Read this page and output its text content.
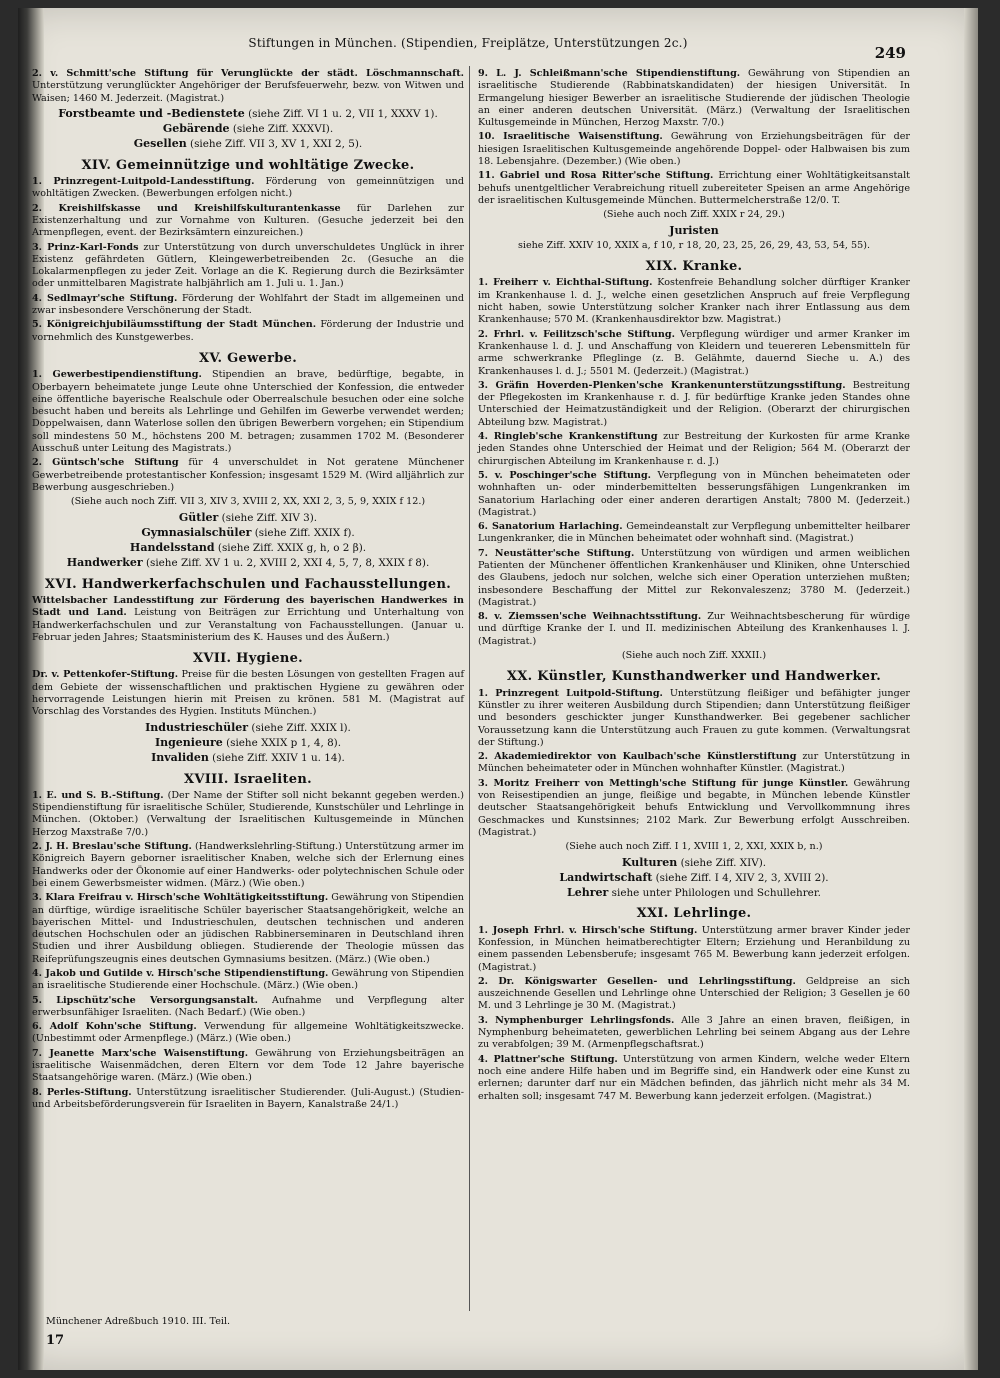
Stiftungen in München. (Stipendien, Freiplätze, Unterstützungen 2c.)
249
2. v. Schmitt'sche Stiftung für Verunglückte der städt. Löschmannschaft. Unterstützung verunglückter Angehöriger der Berufsfeuerwehr, bezw. von Witwen und Waisen; 1460 M. Jederzeit. (Magistrat.)
Forstbeamte und -Bedienstete (siehe Ziff. VI 1 u. 2, VII 1, XXXV 1).
Gebärende (siehe Ziff. XXXVI).
Gesellen (siehe Ziff. VII 3, XV 1, XXI 2, 5).
XIV. Gemeinnützige und wohltätige Zwecke.
1. Prinzregent-Luitpold-Landesstiftung. Förderung von gemeinnützigen und wohltätigen Zwecken. (Bewerbungen erfolgen nicht.)
2. Kreishilfskasse und Kreishilfskulturantenkasse für Darlehen zur Existenzerhaltung und zur Vornahme von Kulturen. (Gesuche jederzeit bei den Armenpflegen, event. der Bezirksämtern einzureichen.)
3. Prinz-Karl-Fonds zur Unterstützung von durch unverschuldetes Unglück in ihrer Existenz gefährdeten Gütlern, Kleingewerbetreibenden 2c. (Gesuche an die Lokalarmenpflegen zu jeder Zeit. Vorlage an die K. Regierung durch die Bezirksämter oder unmittelbaren Magistrate halbjährlich am 1. Juli u. 1. Jan.)
4. Sedlmayr'sche Stiftung. Förderung der Wohlfahrt der Stadt im allgemeinen und zwar insbesondere Verschönerung der Stadt.
5. Königreichjubiläumsstiftung der Stadt München. Förderung der Industrie und vornehmlich des Kunstgewerbes.
XV. Gewerbe.
1. Gewerbestipendienstiftung. Stipendien an brave, bedürftige, begabte, in Oberbayern beheimatete junge Leute ohne Unterschied der Konfession, die entweder eine öffentliche bayerische Realschule oder Oberrealschule besuchen oder eine solche besucht haben und bereits als Lehrlinge und Gehilfen im Gewerbe verwendet werden; Doppelwaisen, dann Waterlose sollen den übrigen Bewerbern vorgehen; ein Stipendium soll mindestens 50 M., höchstens 200 M. betragen; zusammen 1702 M. (Besonderer Ausschuß unter Leitung des Magistrats.)
2. Güntsch'sche Stiftung für 4 unverschuldet in Not geratene Münchener Gewerbetreibende protestantischer Konfession; insgesamt 1529 M. (Wird alljährlich zur Bewerbung ausgeschrieben.)
(Siehe auch noch Ziff. VII 3, XIV 3, XVIII 2, XX, XXI 2, 3, 5, 9, XXIX f 12.)
Gütler (siehe Ziff. XIV 3).
Gymnasialschüler (siehe Ziff. XXIX f).
Handelsstand (siehe Ziff. XXIX g, h, o 2 β).
Handwerker (siehe Ziff. XV 1 u. 2, XVIII 2, XXI 4, 5, 7, 8, XXIX f 8).
XVI. Handwerkerfachschulen und Fachausstellungen.
Wittelsbacher Landesstiftung zur Förderung des bayerischen Handwerkes in Stadt und Land. Leistung von Beiträgen zur Errichtung und Unterhaltung von Handwerkerfachschulen und zur Veranstaltung von Fachausstellungen. (Januar u. Februar jeden Jahres; Staatsministerium des K. Hauses und des Äußern.)
XVII. Hygiene.
Dr. v. Pettenkofer-Stiftung. Preise für die besten Lösungen von gestellten Fragen auf dem Gebiete der wissenschaftlichen und praktischen Hygiene zu gewähren oder hervorragende Leistungen hierin mit Preisen zu krönen. 581 M. (Magistrat auf Vorschlag des Vorstandes des Hygien. Instituts München.)
Industrieschüler (siehe Ziff. XXIX l).
Ingenieure (siehe XXIX p 1, 4, 8).
Invaliden (siehe Ziff. XXIV 1 u. 14).
XVIII. Israeliten.
1. E. und S. B.-Stiftung. (Der Name der Stifter soll nicht bekannt gegeben werden.) Stipendienstiftung für israelitische Schüler, Studierende, Kunstschüler und Lehrlinge in München. (Oktober.) (Verwaltung der Israelitischen Kultusgemeinde in München Herzog Maxstraße 7/0.)
2. J. H. Breslau'sche Stiftung. (Handwerkslehrling-Stiftung.) Unterstützung armer im Königreich Bayern geborner israelitischer Knaben, welche sich der Erlernung eines Handwerks oder der Ökonomie auf einer Handwerks- oder polytechnischen Schule oder bei einem Gewerbsmeister widmen. (März.) (Wie oben.)
3. Klara Freifrau v. Hirsch'sche Wohltätigkeitsstiftung. Gewährung von Stipendien an dürftige, würdige israelitische Schüler bayerischer Staatsangehörigkeit, welche an bayerischen Mittel- und Industrieschulen, deutschen technischen und anderen deutschen Hochschulen oder an jüdischen Rabbinerseminaren in Deutschland ihren Studien und ihrer Ausbildung obliegen. Studierende der Theologie müssen das Reifeprüfungszeugnis eines deutschen Gymnasiums besitzen. (März.) (Wie oben.)
4. Jakob und Gutilde v. Hirsch'sche Stipendienstiftung. Gewährung von Stipendien an israelitische Studierende einer Hochschule. (März.) (Wie oben.)
5. Lipschütz'sche Versorgungsanstalt. Aufnahme und Verpflegung alter erwerbsunfähiger Israeliten. (Nach Bedarf.) (Wie oben.)
6. Adolf Kohn'sche Stiftung. Verwendung für allgemeine Wohltätigkeitszwecke. (Unbestimmt oder Armenpflege.) (März.) (Wie oben.)
7. Jeanette Marx'sche Waisenstiftung. Gewährung von Erziehungsbeiträgen an israelitische Waisenmädchen, deren Eltern vor dem Tode 12 Jahre bayerische Staatsangehörige waren. (März.) (Wie oben.)
8. Perles-Stiftung. Unterstützung israelitischer Studierender. (Juli-August.) (Studien- und Arbeitsbeförderungsverein für Israeliten in Bayern, Kanalstraße 24/1.)
9. L. J. Schleißmann'sche Stipendienstiftung. Gewährung von Stipendien an israelitische Studierende (Rabbinatskandidaten) der hiesigen Universität. In Ermangelung hiesiger Bewerber an israelitische Studierende der jüdischen Theologie an einer anderen deutschen Universität. (März.) (Verwaltung der Israelitischen Kultusgemeinde in München, Herzog Maxstr. 7/0.)
10. Israelitische Waisenstiftung. Gewährung von Erziehungsbeiträgen für der hiesigen Israelitischen Kultusgemeinde angehörende Doppel- oder Halbwaisen bis zum 18. Lebensjahre. (Dezember.) (Wie oben.)
11. Gabriel und Rosa Ritter'sche Stiftung. Errichtung einer Wohltätigkeitsanstalt behufs unentgeltlicher Verabreichung rituell zubereiteter Speisen an arme Angehörige der israelitischen Kultusgemeinde München. Buttermelcherstraße 12/0. T.
(Siehe auch noch Ziff. XXIX r 24, 29.)
Juristen
siehe Ziff. XXIV 10, XXIX a, f 10, r 18, 20, 23, 25, 26, 29, 43, 53, 54, 55).
XIX. Kranke.
1. Freiherr v. Eichthal-Stiftung. Kostenfreie Behandlung solcher dürftiger Kranker im Krankenhause l. d. J., welche einen gesetzlichen Anspruch auf freie Verpflegung nicht haben, sowie Unterstützung solcher Kranker nach ihrer Entlassung aus dem Krankenhause; 570 M. (Krankenhausdirektor bzw. Magistrat.)
2. Frhrl. v. Feilitzsch'sche Stiftung. Verpflegung würdiger und armer Kranker im Krankenhause l. d. J. und Anschaffung von Kleidern und teuereren Lebensmitteln für arme schwerkranke Pfleglinge (z. B. Gelähmte, dauernd Sieche u. A.) des Krankenhauses l. d. J.; 5501 M. (Jederzeit.) (Magistrat.)
3. Gräfin Hoverden-Plenken'sche Krankenunterstützungsstiftung. Bestreitung der Pflegekosten im Krankenhause r. d. J. für bedürftige Kranke jeden Standes ohne Unterschied der Heimatzuständigkeit und der Religion. (Oberarzt der chirurgischen Abteilung bzw. Magistrat.)
4. Ringleb'sche Krankenstiftung zur Bestreitung der Kurkosten für arme Kranke jeden Standes ohne Unterschied der Heimat und der Religion; 564 M. (Oberarzt der chirurgischen Abteilung im Krankenhause r. d. J.)
5. v. Poschinger'sche Stiftung. Verpflegung von in München beheimateten oder wohnhaften un- oder minderbemittelten besserungsfähigen Lungenkranken im Sanatorium Harlaching oder einer anderen derartigen Anstalt; 7800 M. (Jederzeit.) (Magistrat.)
6. Sanatorium Harlaching. Gemeindeanstalt zur Verpflegung unbemittelter heilbarer Lungenkranker, die in München beheimatet oder wohnhaft sind. (Magistrat.)
7. Neustätter'sche Stiftung. Unterstützung von würdigen und armen weiblichen Patienten der Münchener öffentlichen Krankenhäuser und Kliniken, ohne Unterschied des Glaubens, jedoch nur solchen, welche sich einer Operation unterziehen mußten; insbesondere Beschaffung der Mittel zur Rekonvaleszenz; 3780 M. (Jederzeit.) (Magistrat.)
8. v. Ziemssen'sche Weihnachtsstiftung. Zur Weihnachtsbescherung für würdige und dürftige Kranke der I. und II. medizinischen Abteilung des Krankenhauses l. J. (Magistrat.)
(Siehe auch noch Ziff. XXXII.)
XX. Künstler, Kunsthandwerker und Handwerker.
1. Prinzregent Luitpold-Stiftung. Unterstützung fleißiger und befähigter junger Künstler zu ihrer weiteren Ausbildung durch Stipendien; dann Unterstützung fleißiger und besonders geschickter junger Kunsthandwerker. Bei gegebener sachlicher Voraussetzung kann die Unterstützung auch Frauen zu gute kommen. (Verwaltungsrat der Stiftung.)
2. Akademiedirektor von Kaulbach'sche Künstlerstiftung zur Unterstützung in München beheimateter oder in München wohnhafter Künstler. (Magistrat.)
3. Moritz Freiherr von Mettingh'sche Stiftung für junge Künstler. Gewährung von Reisestipendien an junge, fleißige und begabte, in München lebende Künstler deutscher Staatsangehörigkeit behufs Entwicklung und Vervollkommnung ihres Geschmackes und Kunstsinnes; 2102 Mark. Zur Bewerbung erfolgt Ausschreiben. (Magistrat.)
(Siehe auch noch Ziff. I 1, XVIII 1, 2, XXI, XXIX b, n.)
Kulturen (siehe Ziff. XIV).
Landwirtschaft (siehe Ziff. I 4, XIV 2, 3, XVIII 2).
Lehrer siehe unter Philologen und Schullehrer.
XXI. Lehrlinge.
1. Joseph Frhrl. v. Hirsch'sche Stiftung. Unterstützung armer braver Kinder jeder Konfession, in München heimatberechtigter Eltern; Erziehung und Heranbildung zu einem passenden Lebensberufe; insgesamt 765 M. Bewerbung kann jederzeit erfolgen. (Magistrat.)
2. Dr. Königswarter Gesellen- und Lehrlingsstiftung. Geldpreise an sich auszeichnende Gesellen und Lehrlinge ohne Unterschied der Religion; 3 Gesellen je 60 M. und 3 Lehrlinge je 30 M. (Magistrat.)
3. Nymphenburger Lehrlingsfonds. Alle 3 Jahre an einen braven, fleißigen, in Nymphenburg beheimateten, gewerblichen Lehrling bei seinem Abgang aus der Lehre zu verabfolgen; 39 M. (Armenpflegschaftsrat.)
4. Plattner'sche Stiftung. Unterstützung von armen Kindern, welche weder Eltern noch eine andere Hilfe haben und im Begriffe sind, ein Handwerk oder eine Kunst zu erlernen; darunter darf nur ein Mädchen befinden, das jährlich nicht mehr als 34 M. erhalten soll; insgesamt 747 M. Bewerbung kann jederzeit erfolgen. (Magistrat.)
Münchener Adreßbuch 1910. III. Teil.
17
